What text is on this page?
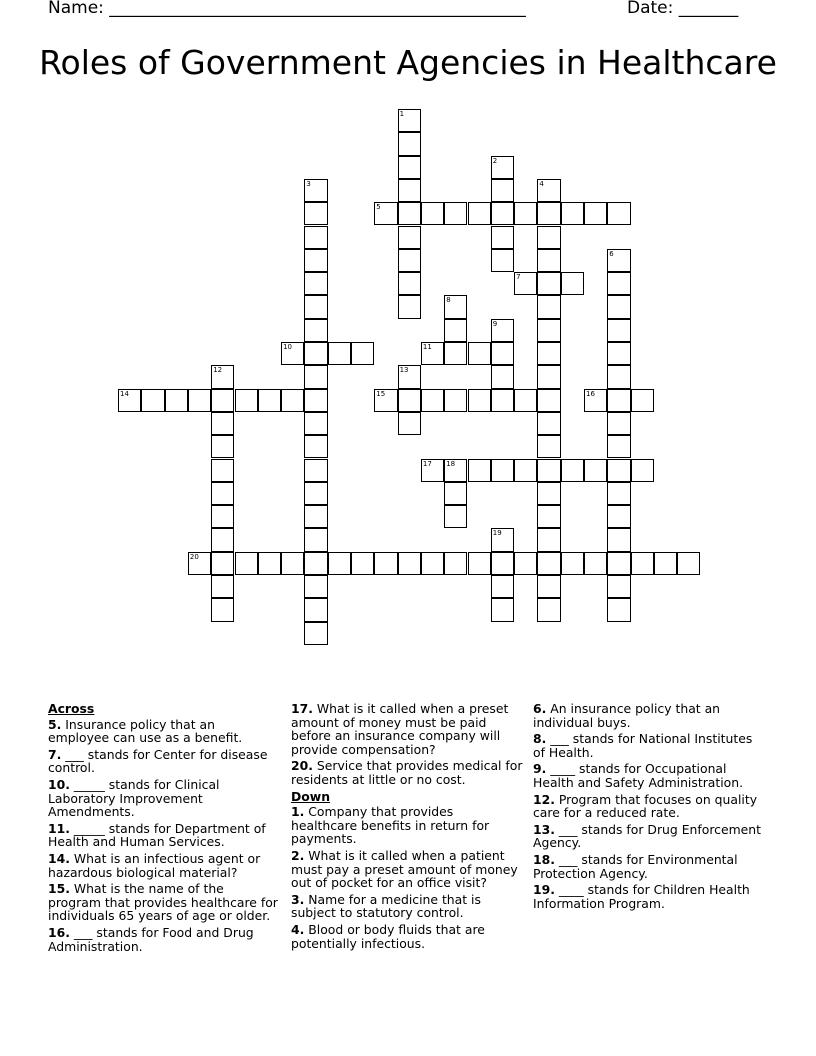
Name: _________________________________________________	Date: _______
Roles of Government Agencies in Healthcare
1
2
3	4
5
6
7
8
9
10	11
12	13
14	15	16
17 18
19
20
Across
5. Insurance policy that an employee can use as a benefit.
7. ___ stands for Center for disease control.
10. _____ stands for Clinical Laboratory Improvement Amendments.
11. _____ stands for Department of Health and Human Services.
14. What is an infectious agent or hazardous biological material?
15. What is the name of the program that provides healthcare for individuals 65 years of age or older.
16. ___ stands for Food and Drug Administration.
17. What is it called when a preset amount of money must be paid before an insurance company will provide compensation?
20. Service that provides medical for residents at little or no cost.
Down
1. Company that provides healthcare benefits in return for payments.
2. What is it called when a patient must pay a preset amount of money out of pocket for an office visit?
3. Name for a medicine that is subject to statutory control.
4. Blood or body fluids that are potentially infectious.
6. An insurance policy that an individual buys.
8. ___ stands for National Institutes of Health.
9. ____ stands for Occupational Health and Safety Administration.
12. Program that focuses on quality care for a reduced rate.
13. ___ stands for Drug Enforcement Agency.
18. ___ stands for Environmental Protection Agency.
19. ____ stands for Children Health Information Program.
